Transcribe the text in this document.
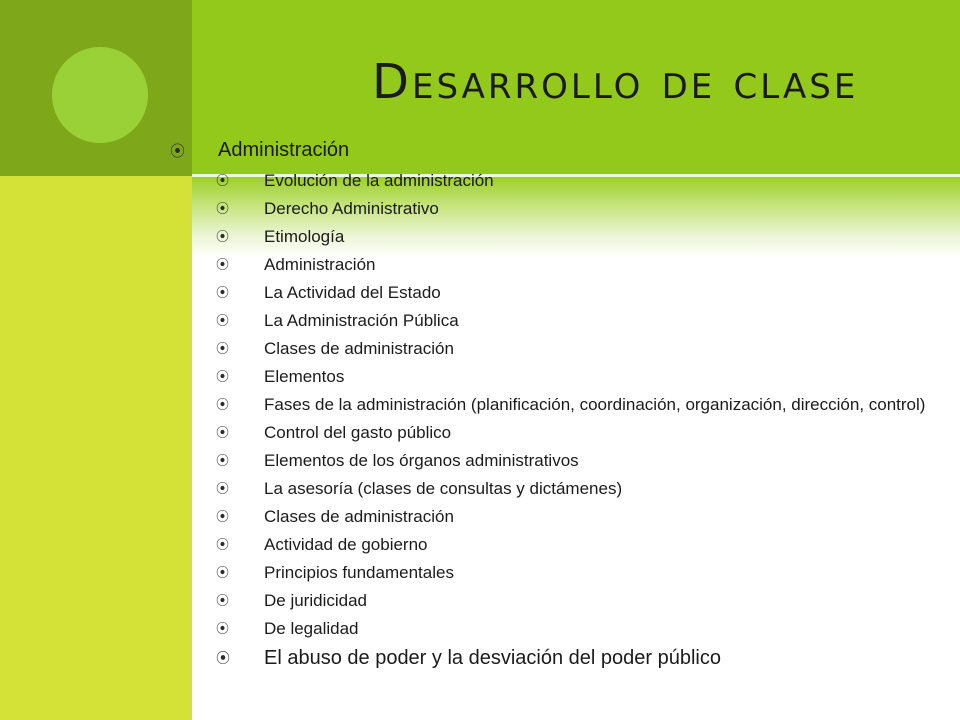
Desarrollo de clase
⦿	Administración
⦿	Evolución de la administración
⦿	Derecho Administrativo
⦿	Etimología
⦿	Administración
⦿	La Actividad del Estado
⦿	La Administración Pública
⦿	Clases de administración
⦿	Elementos
⦿	Fases de la administración (planificación, coordinación, organización, dirección, control)
⦿	Control del gasto público
⦿	Elementos de los órganos administrativos
⦿	La asesoría (clases de consultas y dictámenes)
⦿	Clases de administración
⦿	Actividad de gobierno
⦿	Principios fundamentales
⦿	De juridicidad
⦿	De legalidad
⦿	El abuso de poder y la desviación del poder público
